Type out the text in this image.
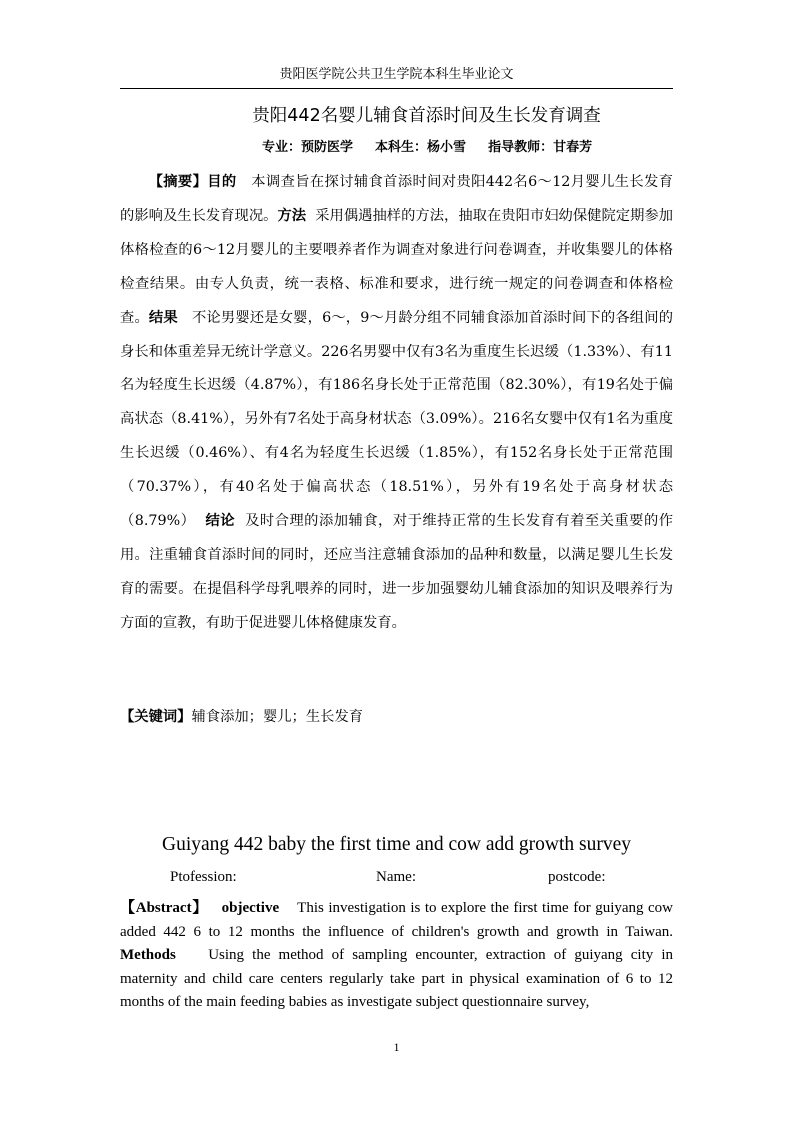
贵阳医学院公共卫生学院本科生毕业论文
贵阳442名婴儿辅食首添时间及生长发育调查
专业：预防医学 本科生：杨小雪 指导教师：甘春芳

【摘要】目的 本调查旨在探讨辅食首添时间对贵阳442名6～12月婴儿生长发育的影响及生长发育现况。方法 采用偶遇抽样的方法，抽取在贵阳市妇幼保健院定期参加体格检查的6～12月婴儿的主要喂养者作为调查对象进行问卷调查，并收集婴儿的体格检查结果。由专人负责，统一表格、标准和要求，进行统一规定的问卷调查和体格检查。结果 不论男婴还是女婴，6～，9～月龄分组不同辅食添加首添时间下的各组间的身长和体重差异无统计学意义。226名男婴中仅有3名为重度生长迟缓（1.33%）、有11名为轻度生长迟缓（4.87%），有186名身长处于正常范围（82.30%），有19名处于偏高状态（8.41%），另外有7名处于高身材状态（3.09%）。216名女婴中仅有1名为重度生长迟缓（0.46%）、有4名为轻度生长迟缓（1.85%），有152名身长处于正常范围（70.37%），有40名处于偏高状态（18.51%），另外有19名处于高身材状态（8.79%） 结论 及时合理的添加辅食，对于维持正常的生长发育有着至关重要的作用。注重辅食首添时间的同时，还应当注意辅食添加的品种和数量，以满足婴儿生长发育的需要。在提倡科学母乳喂养的同时，进一步加强婴幼儿辅食添加的知识及喂养行为方面的宣教，有助于促进婴儿体格健康发育。

【关键词】辅食添加；婴儿；生长发育
Guiyang 442 baby the first time and cow add growth survey
Ptofession:	Name:	postcode:

【Abstract】 objective This investigation is to explore the first time for guiyang cow added 442 6 to 12 months the influence of children's growth and growth in Taiwan. Methods Using the method of sampling encounter, extraction of guiyang city in maternity and child care centers regularly take part in physical examination of 6 to 12 months of the main feeding babies as investigate subject questionnaire survey,

1
